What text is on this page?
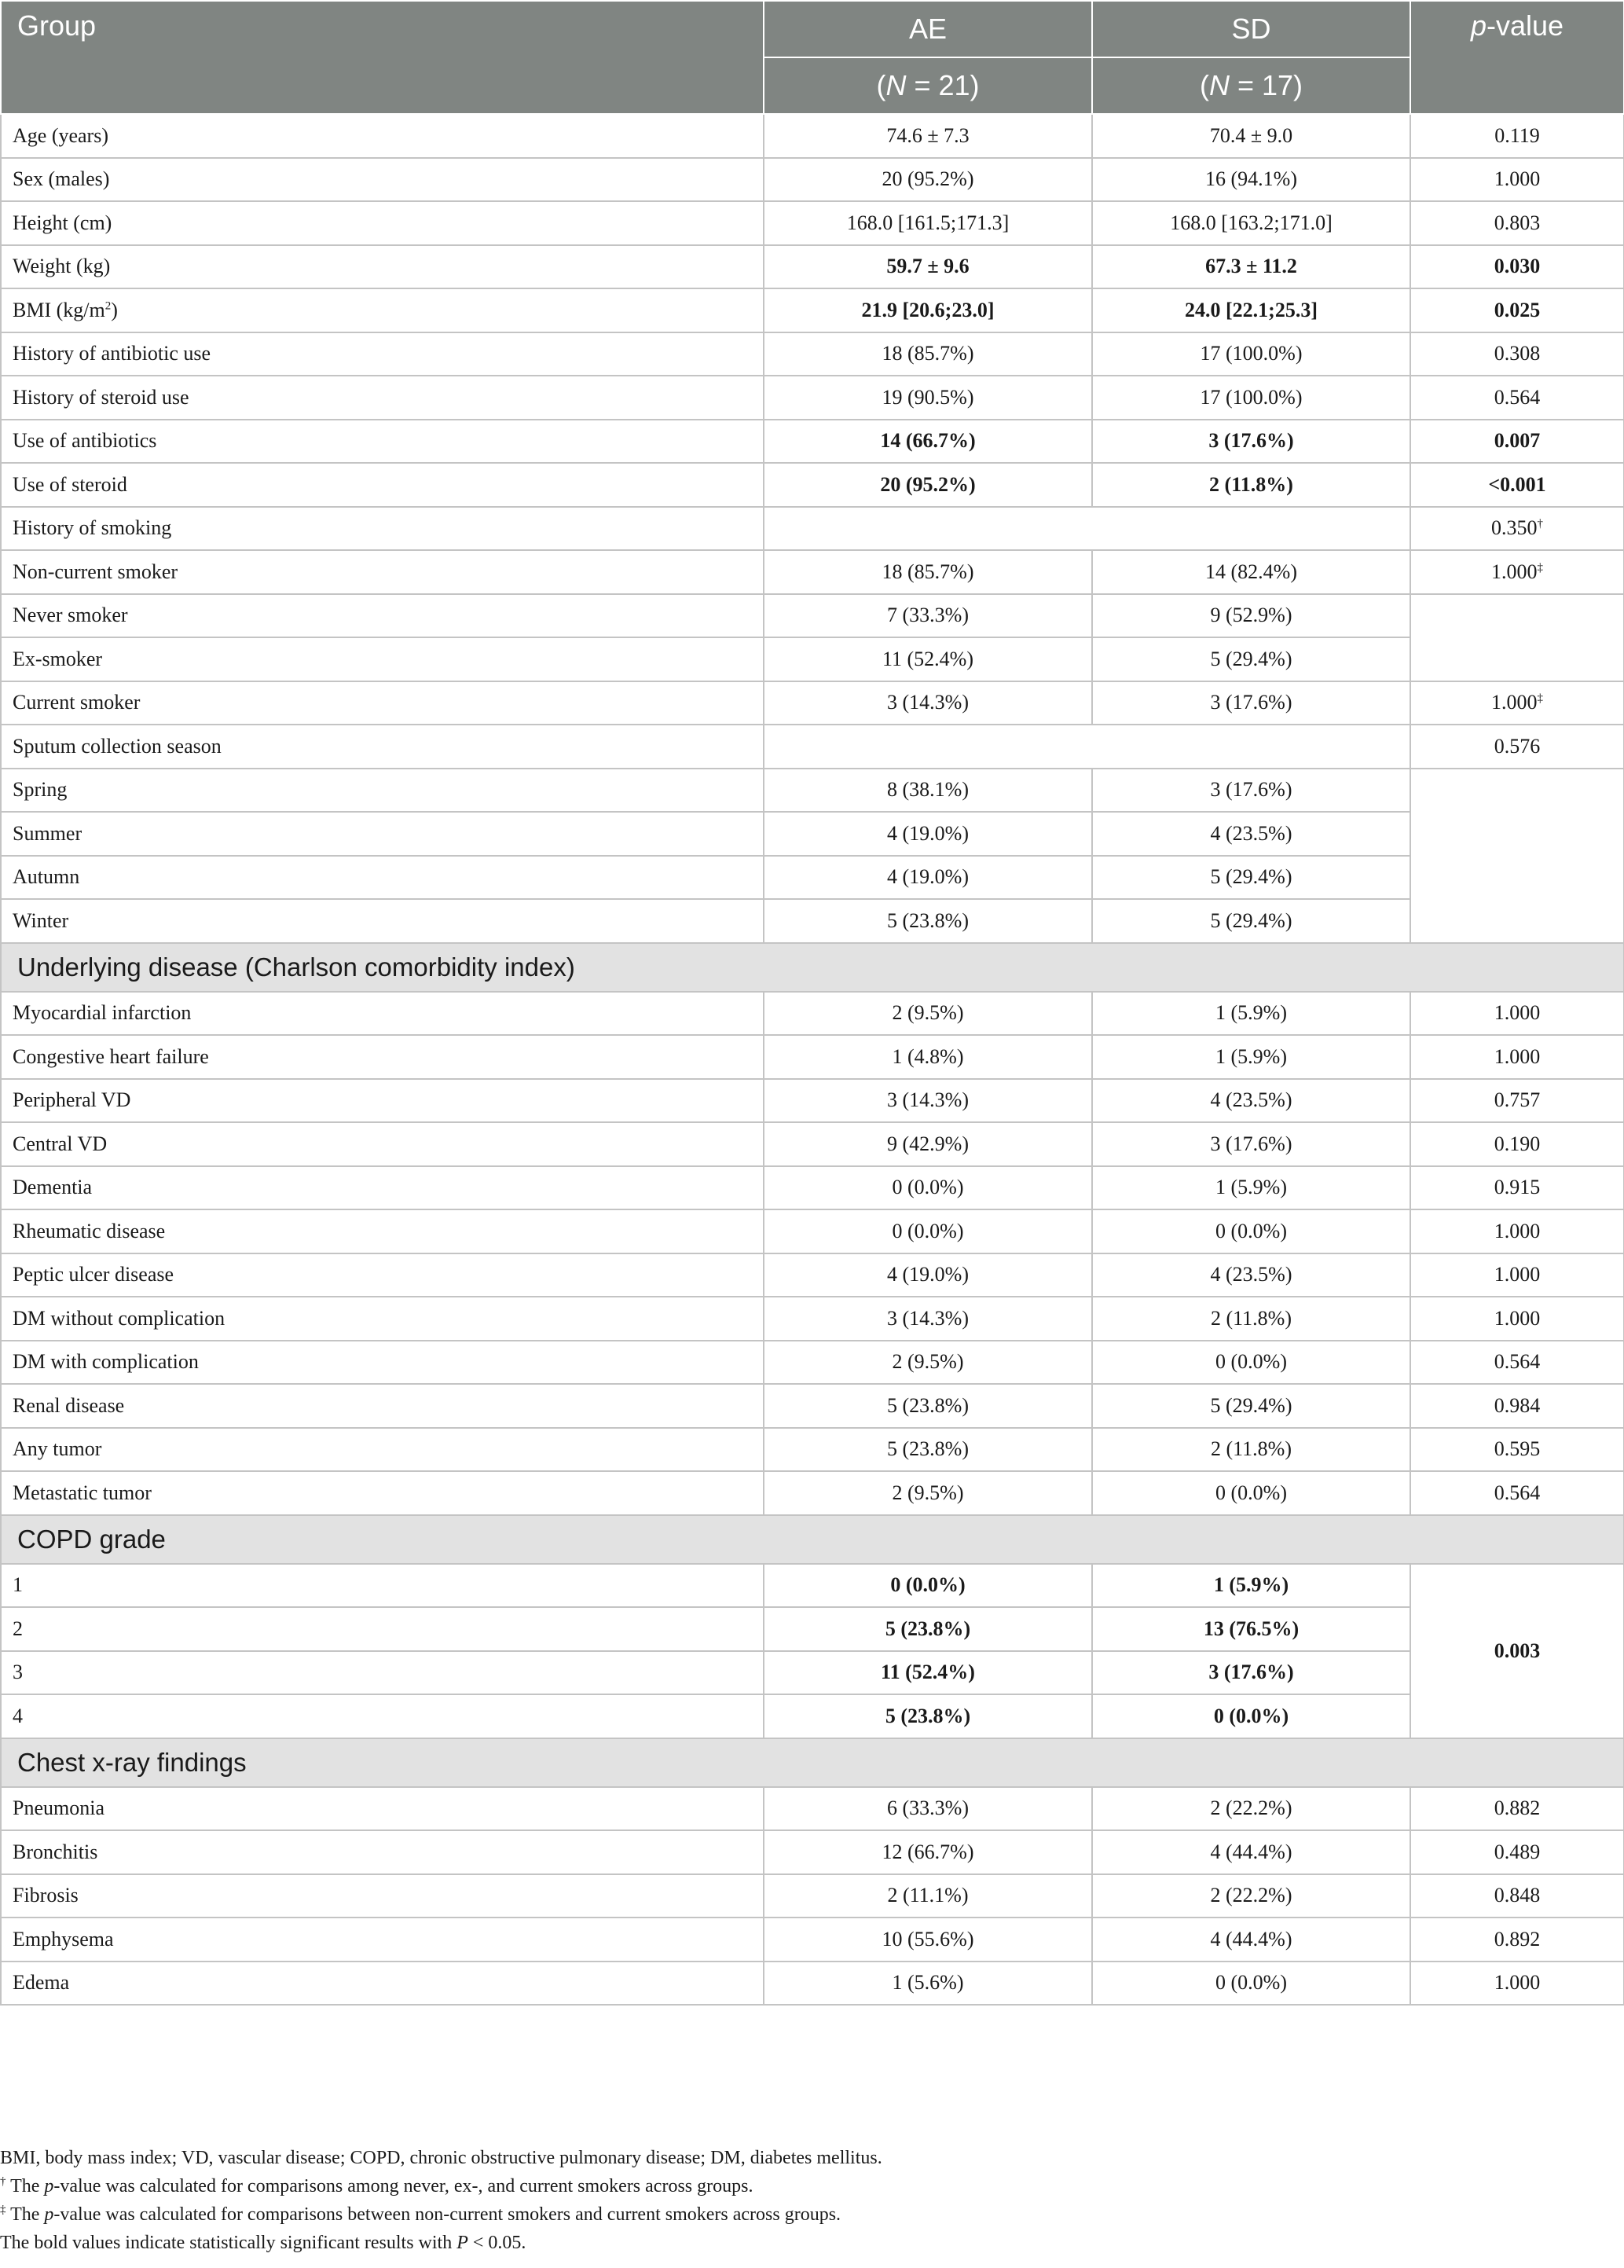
Group	AE	SD	p-value
	(N = 21)	(N = 17)	
Age (years)	74.6 ± 7.3	70.4 ± 9.0	0.119
Sex (males)	20 (95.2%)	16 (94.1%)	1.000
Height (cm)	168.0 [161.5;171.3]	168.0 [163.2;171.0]	0.803
Weight (kg)	59.7 ± 9.6	67.3 ± 11.2	0.030
BMI $(kg/m^2)$	21.9 [20.6;23.0]	24.0 [22.1;25.3]	0.025
History of antibiotic use	18 (85.7%)	17 (100.0%)	0.308
History of steroid use	19 (90.5%)	17 (100.0%)	0.564
Use of antibiotics	14 (66.7%)	3 (17.6%)	0.007
Use of steroid	20 (95.2%)	2 (11.8%)	<0.001
History of smoking			0.350†
Non-current smoker	18 (85.7%)	14 (82.4%)	1.000‡
Never smoker	7 (33.3%)	9 (52.9%)	
Ex-smoker	11 (52.4%)	5 (29.4%)	
Current smoker	3 (14.3%)	3 (17.6%)	1.000‡
Sputum collection season			0.576
Spring	8 (38.1%)	3 (17.6%)	
Summer	4 (19.0%)	4 (23.5%)	
Autumn	4 (19.0%)	5 (29.4%)	
Winter	5 (23.8%)	5 (29.4%)	
Underlying disease (Charlson comorbidity index)			
Myocardial infarction	2 (9.5%)	1 (5.9%)	1.000
Congestive heart failure	1 (4.8%)	1 (5.9%)	1.000
Peripheral VD	3 (14.3%)	4 (23.5%)	0.757
Central VD	9 (42.9%)	3 (17.6%)	0.190
Dementia	0 (0.0%)	1 (5.9%)	0.915
Rheumatic disease	0 (0.0%)	0 (0.0%)	1.000
Peptic ulcer disease	4 (19.0%)	4 (23.5%)	1.000
DM without complication	3 (14.3%)	2 (11.8%)	1.000
DM with complication	2 (9.5%)	0 (0.0%)	0.564
Renal disease	5 (23.8%)	5 (29.4%)	0.984
Any tumor	5 (23.8%)	2 (11.8%)	0.595
Metastatic tumor	2 (9.5%)	0 (0.0%)	0.564
COPD grade			
1	0 (0.0%)	1 (5.9%)	0.003
2	5 (23.8%)	13 (76.5%)	
3	11 (52.4%)	3 (17.6%)	
4	5 (23.8%)	0 (0.0%)	
Chest x-ray findings			
Pneumonia	6 (33.3%)	2 (22.2%)	0.882
Bronchitis	12 (66.7%)	4 (44.4%)	0.489
Fibrosis	2 (11.1%)	2 (22.2%)	0.848
Emphysema	10 (55.6%)	4 (44.4%)	0.892
Edema	1 (5.6%)	0 (0.0%)	1.000
BMI, body mass index; VD, vascular disease; COPD, chronic obstructive pulmonary disease; DM, diabetes mellitus.
† The p-value was calculated for comparisons among never, ex-, and current smokers across groups.
‡ The p-value was calculated for comparisons between non-current smokers and current smokers across groups.
The bold values indicate statistically significant results with P < 0.05.
